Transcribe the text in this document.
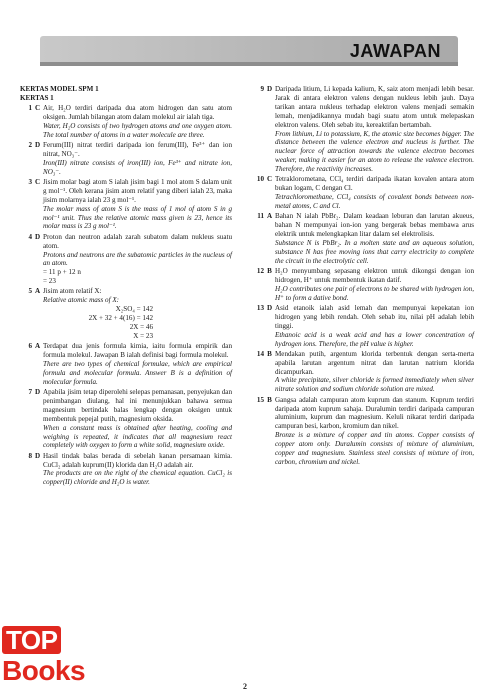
JAWAPAN

KERTAS MODEL SPM 1

KERTAS 1

1 C Air, H₂O terdiri daripada dua atom hidrogen dan satu atom oksigen. Jumlah bilangan atom dalam molekul air ialah tiga.

Water, H₂O consists of two hydrogen atoms and one oxygen atom. The total number of atoms in a water molecule are three.

2 D Ferum(III) nitrat terdiri daripada ion ferum(III), Fe³⁺ dan ion nitrat, NO₃⁻.

Iron(III) nitrate consists of iron(III) ion, Fe³⁺ and nitrate ion, NO₃⁻.

3 C Jisim molar bagi atom S ialah jisim bagi 1 mol atom S dalam unit g mol⁻¹. Oleh kerana jisim atom relatif yang diberi ialah 23, maka jisim molarnya ialah 23 g mol⁻¹.

The molar mass of atom S is the mass of 1 mol of atom S in g mol⁻¹ unit. Thus the relative atomic mass given is 23, hence its molar mass is 23 g mol⁻¹.

4 D Proton dan neutron adalah zarah subatom dalam nukleus suatu atom.

Protons and neutrons are the subatomic particles in the nucleus of an atom.

= 11 p + 12 n

= 23

5 A Jisim atom relatif X:

Relative atomic mass of X:

X₂SO₄ = 142

2X + 32 + 4(16) = 142

2X = 46

X = 23

6 A Terdapat dua jenis formula kimia, iaitu formula empirik dan formula molekul. Jawapan B ialah definisi bagi formula molekul.

There are two types of chemical formulae, which are empirical formula and molecular formula. Answer B is a definition of molecular formula.

7 D Apabila jisim tetap diperolehi selepas pemanasan, penyejukan dan penimbangan diulang, hal ini menunjukkan bahawa semua magnesium bertindak balas lengkap dengan oksigen untuk membentuk pepejal putih, magnesium oksida.

When a constant mass is obtained after heating, cooling and weighing is repeated, it indicates that all magnesium react completely with oxygen to form a white solid, magnesium oxide.

8 D Hasil tindak balas berada di sebelah kanan persamaan kimia. CuCl₂ adalah kuprum(II) klorida dan H₂O adalah air.

The products are on the right of the chemical equation. CuCl₂ is copper(II) chloride and H₂O is water.

9 D Daripada litium, Li kepada kalium, K, saiz atom menjadi lebih besar. Jarak di antara elektron valens dengan nukleus lebih jauh. Daya tarikan antara nukleus terhadap elektron valens menjadi semakin lemah, menjadikannya mudah bagi suatu atom untuk melepaskan elektron valens. Oleh sebab itu, kereaktifan bertambah.

From lithium, Li to potassium, K, the atomic size becomes bigger. The distance between the valence electron and nucleus is further. The nuclear force of attraction towards the valence electron becomes weaker, making it easier for an atom to release the valence electron. Therefore, the reactivity increases.

10 C Tetraklorometana, CCl₄ terdiri daripada ikatan kovalen antara atom bukan logam, C dengan Cl.

Tetrachloromethane, CCl₄ consists of covalent bonds between non-metal atoms, C and Cl.

11 A Bahan N ialah PbBr₂. Dalam keadaan leburan dan larutan akueus, bahan N mempunyai ion-ion yang bergerak bebas membawa arus elektrik untuk melengkapkan litar dalam sel elektrolisis.

Substance N is PbBr₂. In a molten state and an aqueous solution, substance N has free moving ions that carry electricity to complete the circuit in the electrolytic cell.

12 B H₂O menyumbang sepasang elektron untuk dikongsi dengan ion hidrogen, H⁺ untuk membentuk ikatan datif.

H₂O contributes one pair of electrons to be shared with hydrogen ion, H⁺ to form a dative bond.

13 D Asid etanoik ialah asid lemah dan mempunyai kepekatan ion hidrogen yang lebih rendah. Oleh sebab itu, nilai pH adalah lebih tinggi.

Ethanoic acid is a weak acid and has a lower concentration of hydrogen ions. Therefore, the pH value is higher.

14 B Mendakan putih, argentum klorida terbentuk dengan serta-merta apabila larutan argentum nitrat dan larutan natrium klorida dicampurkan.

A white precipitate, silver chloride is formed immediately when silver nitrate solution and sodium chloride solution are mixed.

15 B Gangsa adalah campuran atom kuprum dan stanum. Kuprum terdiri daripada atom kuprum sahaja. Duralumin terdiri daripada campuran aluminium, kuprum dan magnesium. Keluli nikarat terdiri daripada campuran besi, karbon, kromium dan nikel.

Bronze is a mixture of copper and tin atoms. Copper consists of copper atom only. Duralumin consists of mixture of aluminium, copper and magnesium. Stainless steel consists of mixture of iron, carbon, chromium and nickel.

2
TOP
Books
